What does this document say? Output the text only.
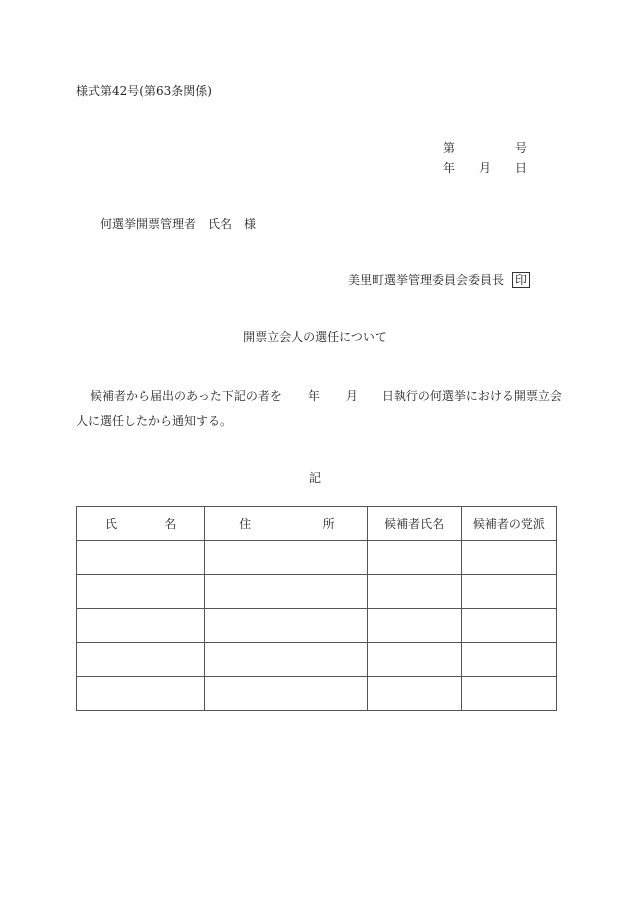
様式第42号(第63条関係)
第	号
年 月 日
何選挙開票管理者 氏名 様
美里町選挙管理委員会委員長 印
開票立会人の選任について
候補者から届出のあった下記の者を 年 月 日執行の何選挙における開票立会
人に選任したから通知する。
記
氏 名	住 所	候補者氏名	候補者の党派
